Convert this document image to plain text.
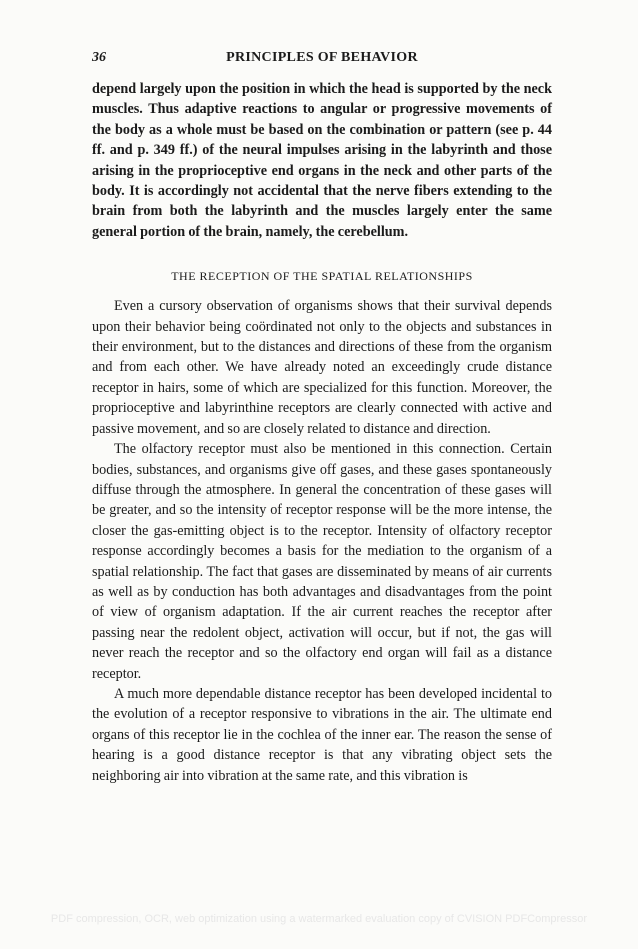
36	PRINCIPLES OF BEHAVIOR

depend largely upon the position in which the head is supported by the neck muscles. Thus adaptive reactions to angular or progressive movements of the body as a whole must be based on the combination or pattern (see p. 44 ff. and p. 349 ff.) of the neural impulses arising in the labyrinth and those arising in the proprioceptive end organs in the neck and other parts of the body. It is accordingly not accidental that the nerve fibers extending to the brain from both the labyrinth and the muscles largely enter the same general portion of the brain, namely, the cerebellum.

THE RECEPTION OF THE SPATIAL RELATIONSHIPS

Even a cursory observation of organisms shows that their survival depends upon their behavior being coördinated not only to the objects and substances in their environment, but to the distances and directions of these from the organism and from each other. We have already noted an exceedingly crude distance receptor in hairs, some of which are specialized for this function. Moreover, the proprioceptive and labyrinthine receptors are clearly connected with active and passive movement, and so are closely related to distance and direction.

The olfactory receptor must also be mentioned in this connection. Certain bodies, substances, and organisms give off gases, and these gases spontaneously diffuse through the atmosphere. In general the concentration of these gases will be greater, and so the intensity of receptor response will be the more intense, the closer the gas-emitting object is to the receptor. Intensity of olfactory receptor response accordingly becomes a basis for the mediation to the organism of a spatial relationship. The fact that gases are disseminated by means of air currents as well as by conduction has both advantages and disadvantages from the point of view of organism adaptation. If the air current reaches the receptor after passing near the redolent object, activation will occur, but if not, the gas will never reach the receptor and so the olfactory end organ will fail as a distance receptor.

A much more dependable distance receptor has been developed incidental to the evolution of a receptor responsive to vibrations in the air. The ultimate end organs of this receptor lie in the cochlea of the inner ear. The reason the sense of hearing is a good distance receptor is that any vibrating object sets the neighboring air into vibration at the same rate, and this vibration is

PDF compression, OCR, web optimization using a watermarked evaluation copy of CVISION PDFCompressor
